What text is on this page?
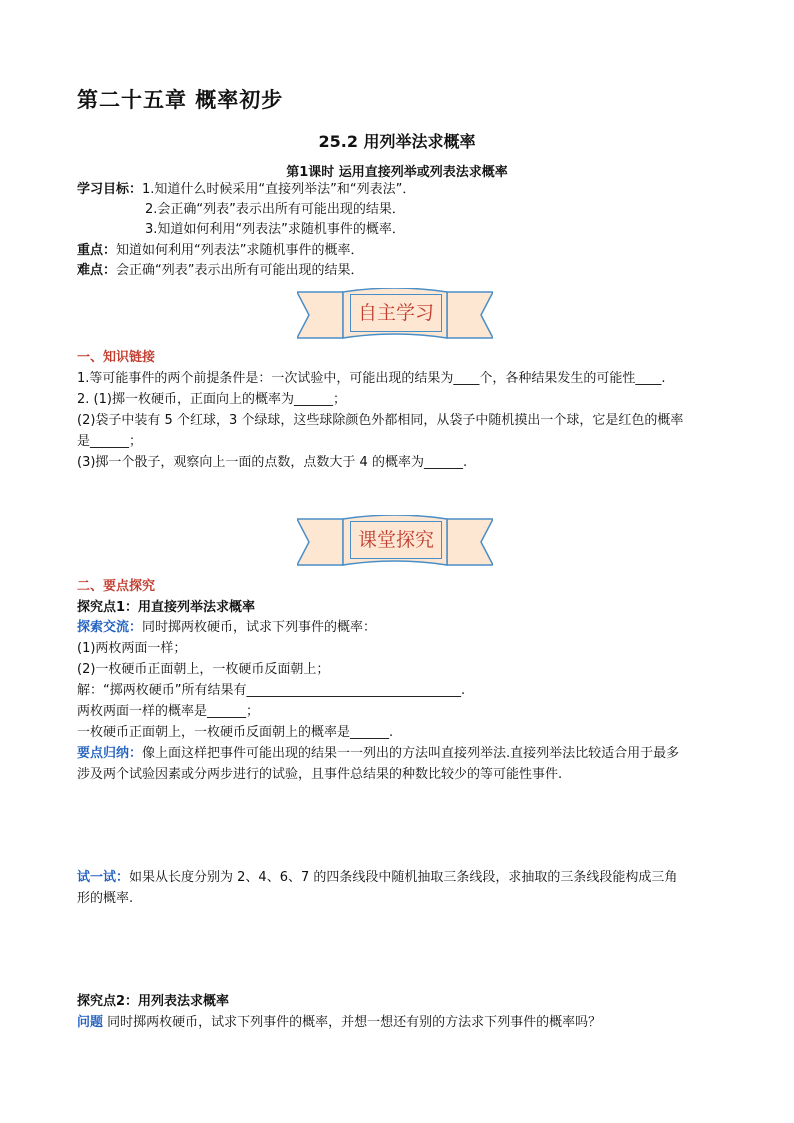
第二十五章 概率初步
25.2 用列举法求概率
第1课时 运用直接列举或列表法求概率
学习目标：1.知道什么时候采用“直接列举法”和“列表法”．
2.会正确“列表”表示出所有可能出现的结果．
3.知道如何利用“列表法”求随机事件的概率．
重点：知道如何利用“列表法”求随机事件的概率．
难点：会正确“列表”表示出所有可能出现的结果．
自主学习
一、知识链接
1.等可能事件的两个前提条件是：一次试验中，可能出现的结果为____个，各种结果发生的可能性____.
2. (1)掷一枚硬币，正面向上的概率为______；
(2)袋子中装有 5 个红球，3 个绿球，这些球除颜色外都相同，从袋子中随机摸出一个球，它是红色的概率
是______；
(3)掷一个骰子，观察向上一面的点数，点数大于 4 的概率为______.
课堂探究
二、要点探究
探究点1：用直接列举法求概率
探索交流：同时掷两枚硬币，试求下列事件的概率：
(1)两枚两面一样；
(2)一枚硬币正面朝上，一枚硬币反面朝上；
解：“掷两枚硬币”所有结果有_________________________________.
两枚两面一样的概率是______；
一枚硬币正面朝上，一枚硬币反面朝上的概率是______.
要点归纳：像上面这样把事件可能出现的结果一一列出的方法叫直接列举法.直接列举法比较适合用于最多
涉及两个试验因素或分两步进行的试验，且事件总结果的种数比较少的等可能性事件.
试一试：如果从长度分别为 2、4、6、7 的四条线段中随机抽取三条线段，求抽取的三条线段能构成三角
形的概率.
探究点2：用列表法求概率
问题 同时掷两枚硬币，试求下列事件的概率，并想一想还有别的方法求下列事件的概率吗？
